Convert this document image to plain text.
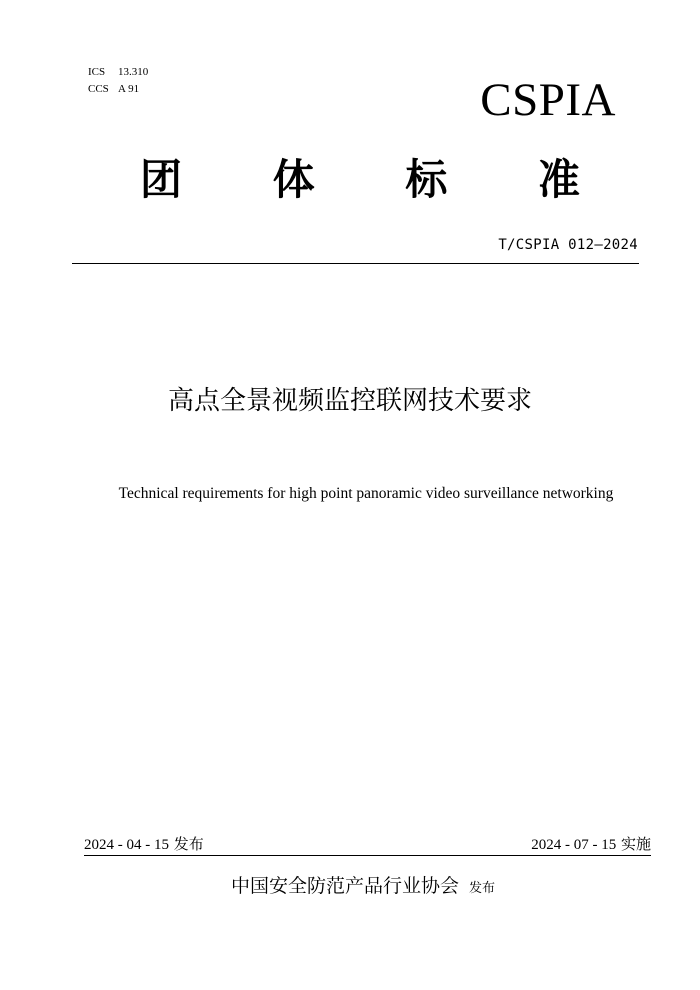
ICS 13.310
CCS A 91	CSPIA
团 体 标 准
T/CSPIA 012—2024
高点全景视频监控联网技术要求
Technical requirements for high point panoramic video surveillance networking
2024 - 04 - 15 发布	2024 - 07 - 15 实施
中国安全防范产品行业协会 发布
